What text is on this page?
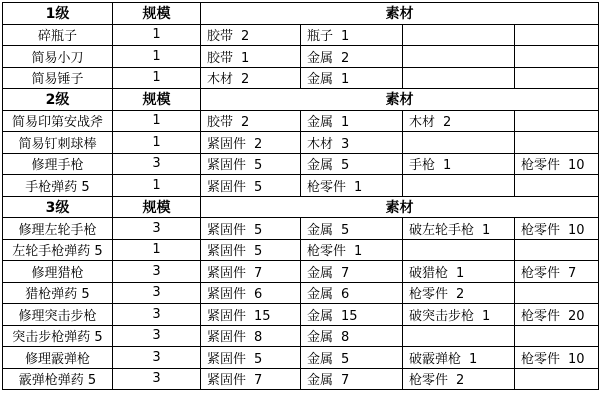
1级	规模	素材			
碎瓶子	1	胶带 2	瓶子 1		
简易小刀	1	胶带 1	金属 2		
简易锤子	1	木材 2	金属 1		
2级	规模	素材			
简易印第安战斧	1	胶带 2	金属 1	木材 2	
简易钉刺球棒	1	紧固件 2	木材 3		
修理手枪	3	紧固件 5	金属 5	手枪 1	枪零件 10
手枪弹药 5	1	紧固件 5	枪零件 1		
3级	规模	素材			
修理左轮手枪	3	紧固件 5	金属 5	破左轮手枪 1	枪零件 10
左轮手枪弹药 5	1	紧固件 5	枪零件 1		
修理猎枪	3	紧固件 7	金属 7	破猎枪 1	枪零件 7
猎枪弹药 5	3	紧固件 6	金属 6	枪零件 2	
修理突击步枪	3	紧固件 15	金属 15	破突击步枪 1	枪零件 20
突击步枪弹药 5	3	紧固件 8	金属 8		
修理霰弹枪	3	紧固件 5	金属 5	破霰弹枪 1	枪零件 10
霰弹枪弹药 5	3	紧固件 7	金属 7	枪零件 2	
